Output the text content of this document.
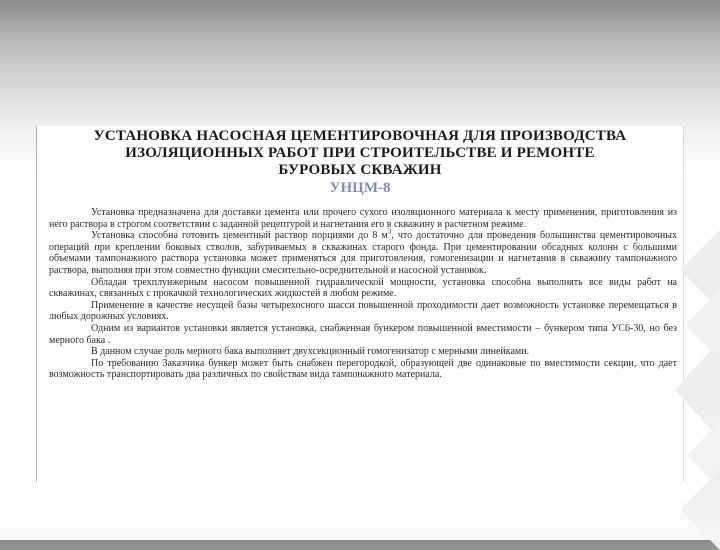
УСТАНОВКА НАСОСНАЯ ЦЕМЕНТИРОВОЧНАЯ ДЛЯ ПРОИЗВОДСТВА
ИЗОЛЯЦИОННЫХ РАБОТ ПРИ СТРОИТЕЛЬСТВЕ И РЕМОНТЕ
БУРОВЫХ СКВАЖИН
УНЦМ-8

Установка предназначена для доставки цемента или прочего сухого изоляционного материала к месту применения, приготовления из него раствора в строгом соответствии с заданной рецептурой и нагнетания его в скважину в расчетном режиме.

Установка способна готовить цементный раствор порциями до 8 $м^3$, что достаточно для проведения большинства цементировочных операций при креплении боковых стволов, забуриваемых в скважинах старого фонда. При цементировании обсадных колонн с большими объемами тампонажного раствора установка может применяться для приготовления, гомогенизации и нагнетания в скважину тампонажного раствора, выполняя при этом совместно функции смесительно-осреднительной и насосной установок.

Обладая трехплунжерным насосом повышенной гидравлической мощности, установка способна выполнять все виды работ на скважинах, связанных с прокачкой технологических жидкостей в любом режиме.

Применение в качестве несущей базы четырехосного шасси повышенной проходимости дает возможность установке перемещаться в любых дорожных условиях.

Одним из вариантов установки является установка, снабженная бункером повышенной вместимости – бункером типа УС6-30, но без мерного бака .

В данном случае роль мерного бака выполняет двухсекционный гомогенизатор с мерными линейками.

По требованию Заказчика бункер может быть снабжен перегородкой, образующей две одинаковые по вместимости секции, что дает возможность транспортировать два различных по свойствам вида тампонажного материала.
